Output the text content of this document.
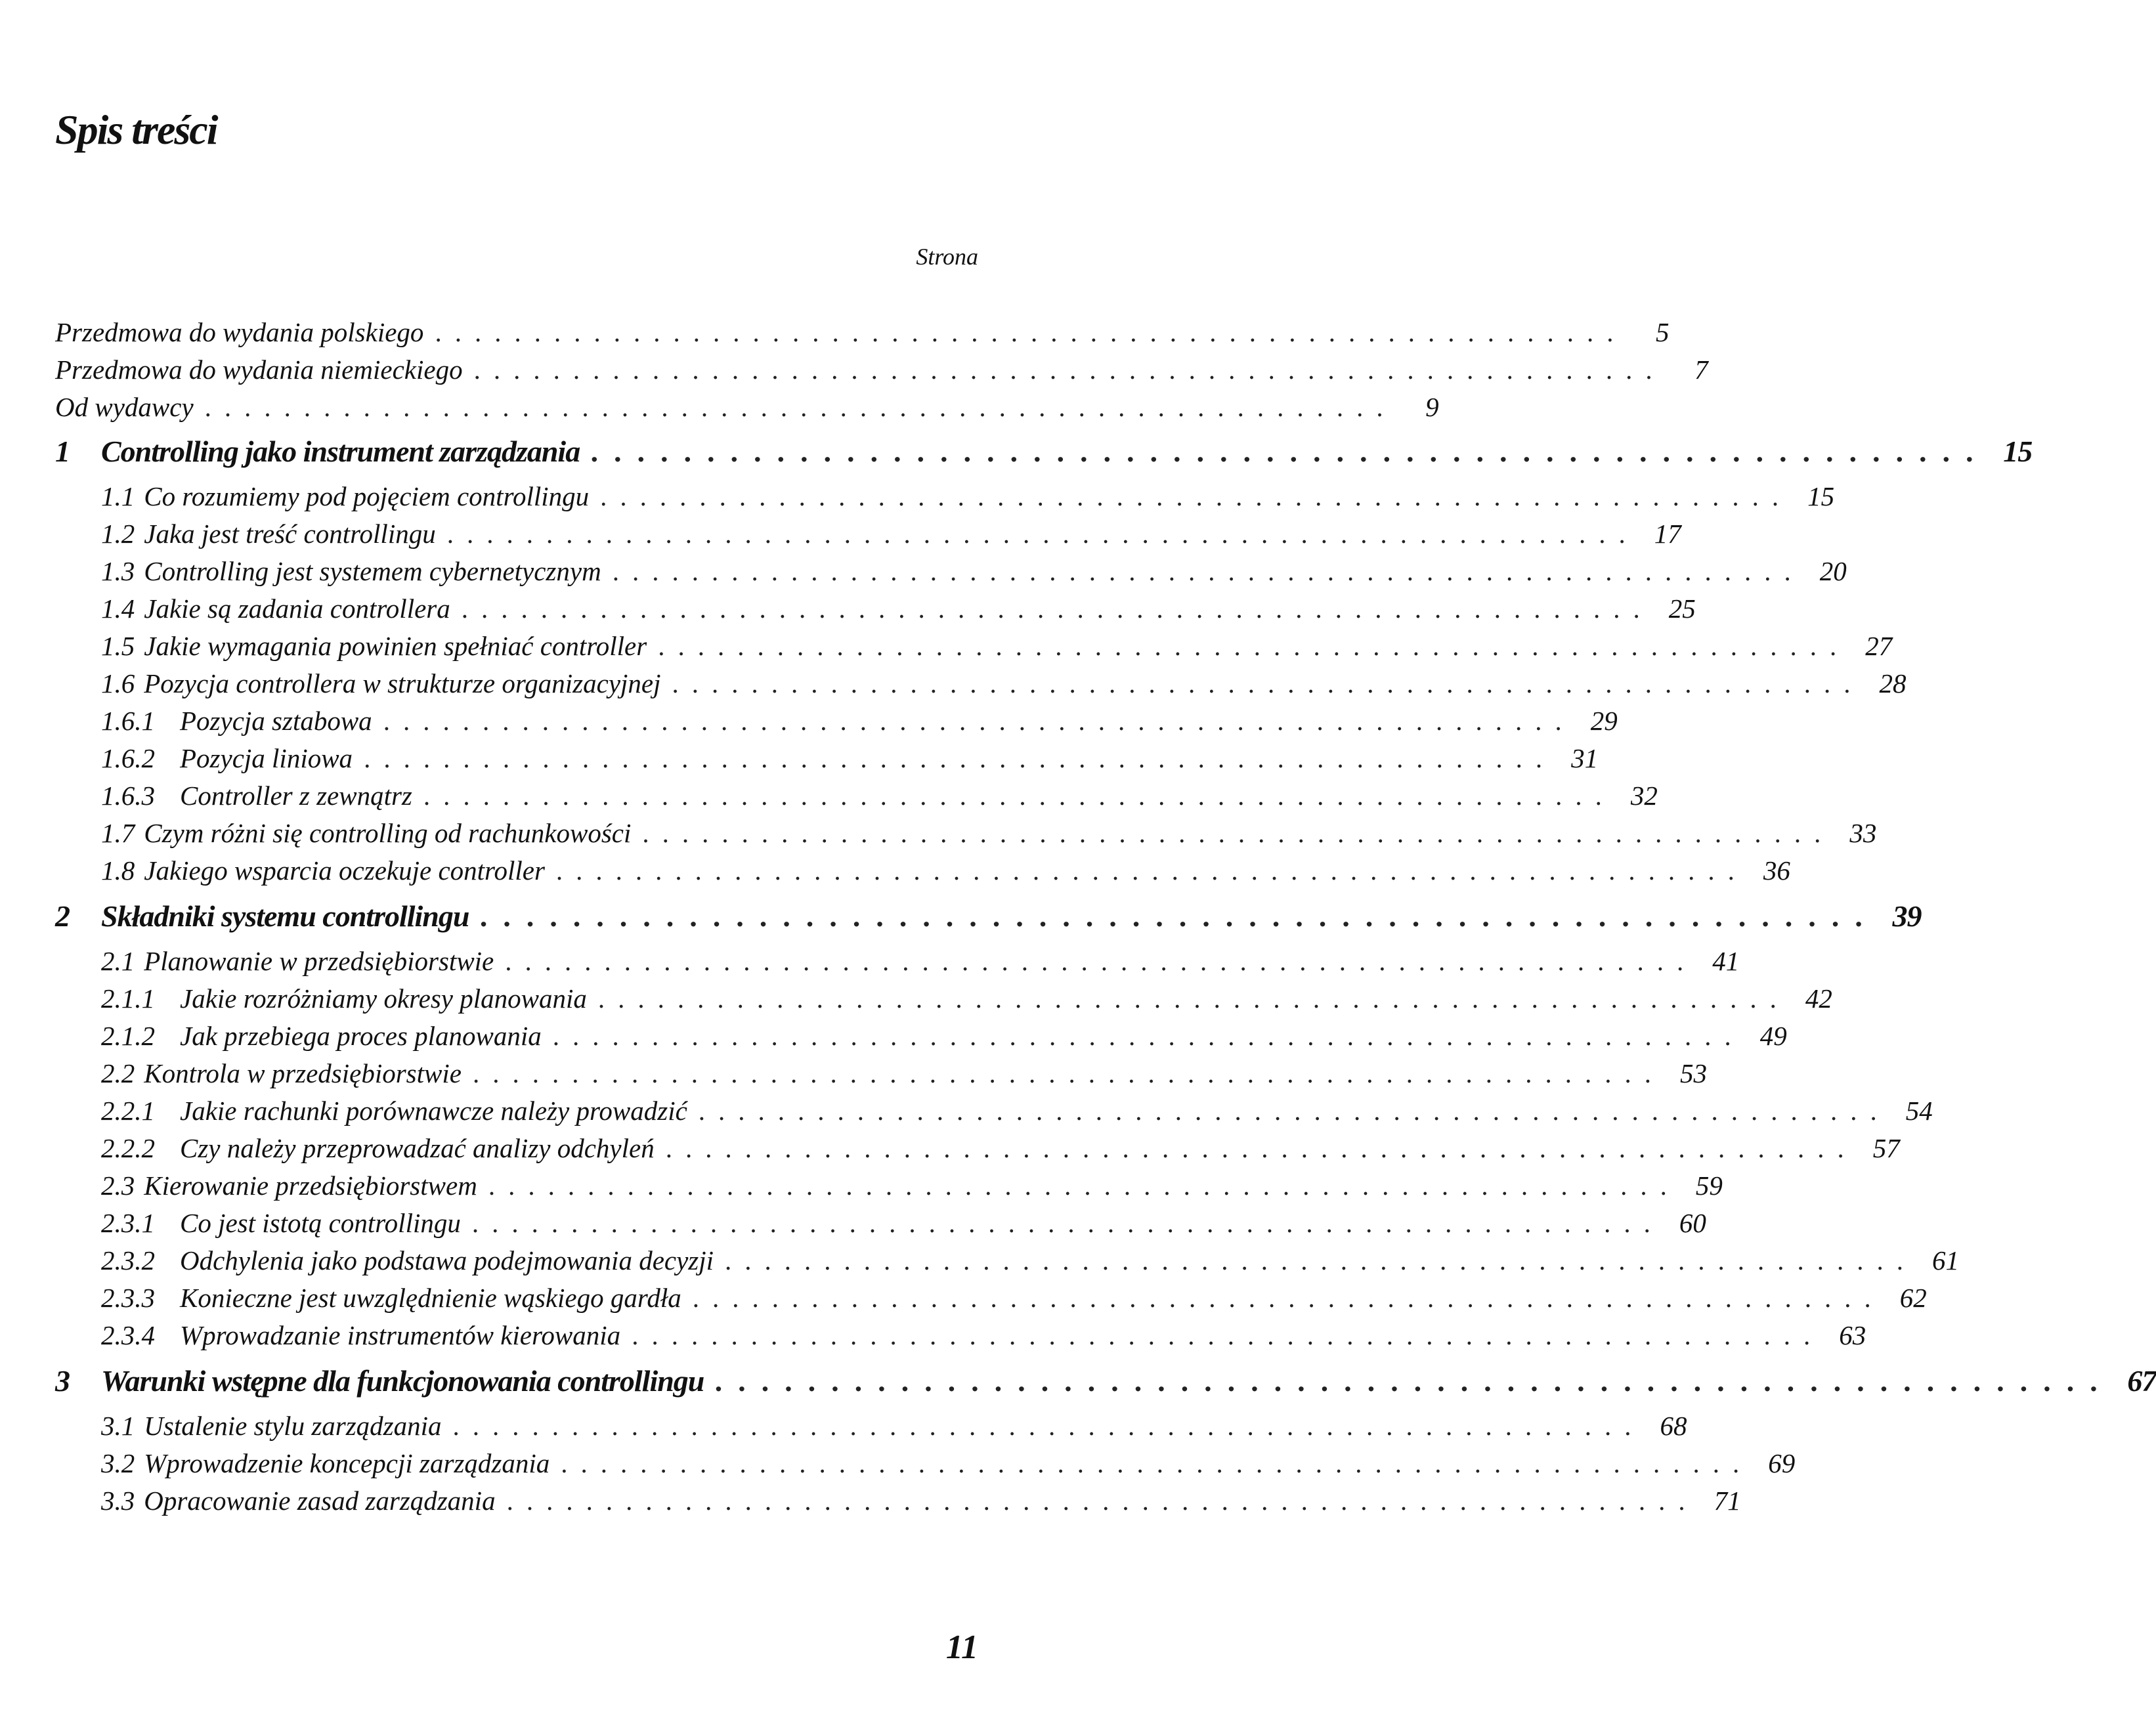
Spis treści
Strona
Przedmowa do wydania polskiego ............................................................	5
Przedmowa do wydania niemieckiego ............................................................	7
Od wydawcy ............................................................	9
1	Controlling jako instrument zarządzania ............................................................ 15
1.1 Co rozumiemy pod pojęciem controllingu ............................................................ 15
1.2 Jaka jest treść controllingu ............................................................ 17
1.3 Controlling jest systemem cybernetycznym ............................................................ 20
1.4 Jakie są zadania controllera ............................................................ 25
1.5 Jakie wymagania powinien spełniać controller ............................................................ 27
1.6 Pozycja controllera w strukturze organizacyjnej ............................................................ 28
1.6.1 Pozycja sztabowa ............................................................ 29
1.6.2 Pozycja liniowa ............................................................ 31
1.6.3 Controller z zewnątrz ............................................................ 32
1.7 Czym różni się controlling od rachunkowości ............................................................ 33
1.8 Jakiego wsparcia oczekuje controller ............................................................ 36
2	Składniki systemu controllingu ............................................................ 39
2.1 Planowanie w przedsiębiorstwie ............................................................ 41
2.1.1 Jakie rozróżniamy okresy planowania ............................................................ 42
2.1.2 Jak przebiega proces planowania ............................................................ 49
2.2 Kontrola w przedsiębiorstwie ............................................................ 53
2.2.1 Jakie rachunki porównawcze należy prowadzić ............................................................ 54
2.2.2 Czy należy przeprowadzać analizy odchyleń ............................................................ 57
2.3 Kierowanie przedsiębiorstwem ............................................................ 59
2.3.1 Co jest istotą controllingu ............................................................ 60
2.3.2 Odchylenia jako podstawa podejmowania decyzji ............................................................ 61
2.3.3 Konieczne jest uwzględnienie wąskiego gardła ............................................................ 62
2.3.4 Wprowadzanie instrumentów kierowania ............................................................ 63
3	Warunki wstępne dla funkcjonowania controllingu ............................................................ 67
3.1 Ustalenie stylu zarządzania ............................................................ 68
3.2 Wprowadzenie koncepcji zarządzania ............................................................ 69
3.3 Opracowanie zasad zarządzania ............................................................ 71
11
